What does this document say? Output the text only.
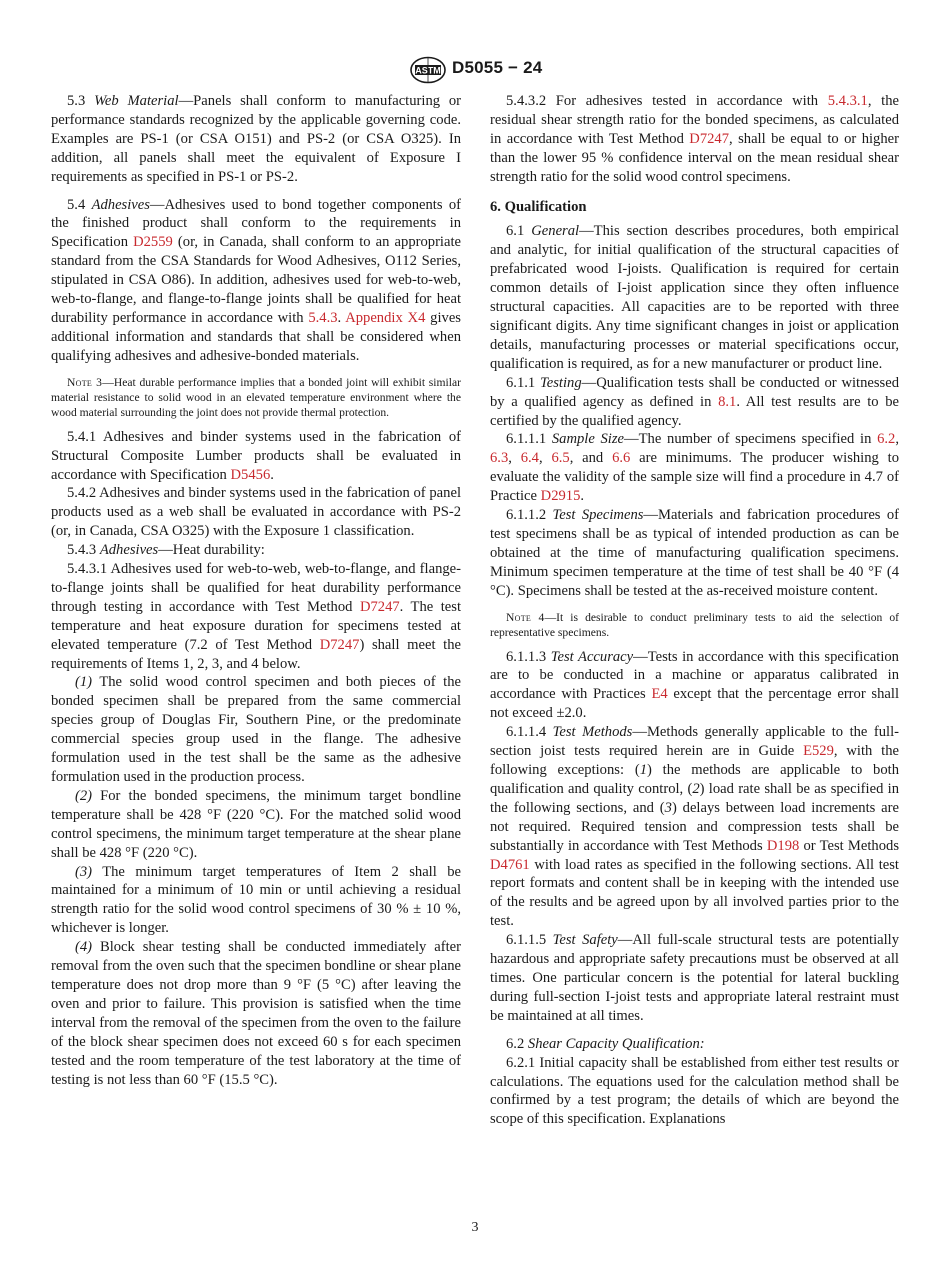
ASTM D5055 − 24

5.3 Web Material—Panels shall conform to manufacturing or performance standards recognized by the applicable governing code. Examples are PS-1 (or CSA O151) and PS-2 (or CSA O325). In addition, all panels shall meet the equivalent of Exposure I requirements as specified in PS-1 or PS-2.

5.4 Adhesives—Adhesives used to bond together components of the finished product shall conform to the requirements in Specification D2559 (or, in Canada, shall conform to an appropriate standard from the CSA Standards for Wood Adhesives, O112 Series, stipulated in CSA O86). In addition, adhesives used for web-to-web, web-to-flange, and flange-to-flange joints shall be qualified for heat durability performance in accordance with 5.4.3. Appendix X4 gives additional information and standards that shall be considered when qualifying adhesives and adhesive-bonded materials.

Note 3—Heat durable performance implies that a bonded joint will exhibit similar material resistance to solid wood in an elevated temperature environment where the wood material surrounding the joint does not provide thermal protection.

5.4.1 Adhesives and binder systems used in the fabrication of Structural Composite Lumber products shall be evaluated in accordance with Specification D5456.

5.4.2 Adhesives and binder systems used in the fabrication of panel products used as a web shall be evaluated in accordance with PS-2 (or, in Canada, CSA O325) with the Exposure 1 classification.

5.4.3 Adhesives—Heat durability:

5.4.3.1 Adhesives used for web-to-web, web-to-flange, and flange-to-flange joints shall be qualified for heat durability performance through testing in accordance with Test Method D7247. The test temperature and heat exposure duration for specimens tested at elevated temperature (7.2 of Test Method D7247) shall meet the requirements of Items 1, 2, 3, and 4 below.

(1) The solid wood control specimen and both pieces of the bonded specimen shall be prepared from the same commercial species group of Douglas Fir, Southern Pine, or the predominate commercial species group used in the flange. The adhesive formulation used in the test shall be the same as the adhesive formulation used in the production process.

(2) For the bonded specimens, the minimum target bondline temperature shall be 428 °F (220 °C). For the matched solid wood control specimens, the minimum target temperature at the shear plane shall be 428 °F (220 °C).

(3) The minimum target temperatures of Item 2 shall be maintained for a minimum of 10 min or until achieving a residual strength ratio for the solid wood control specimens of 30 % ± 10 %, whichever is longer.

(4) Block shear testing shall be conducted immediately after removal from the oven such that the specimen bondline or shear plane temperature does not drop more than 9 °F (5 °C) after leaving the oven and prior to failure. This provision is satisfied when the time interval from the removal of the specimen from the oven to the failure of the block shear specimen does not exceed 60 s for each specimen tested and the room temperature of the test laboratory at the time of testing is not less than 60 °F (15.5 °C).

5.4.3.2 For adhesives tested in accordance with 5.4.3.1, the residual shear strength ratio for the bonded specimens, as calculated in accordance with Test Method D7247, shall be equal to or higher than the lower 95 % confidence interval on the mean residual shear strength ratio for the solid wood control specimens.

6. Qualification

6.1 General—This section describes procedures, both empirical and analytic, for initial qualification of the structural capacities of prefabricated wood I-joists. Qualification is required for certain common details of I-joist application since they often influence structural capacities. All capacities are to be reported with three significant digits. Any time significant changes in joist or application details, manufacturing processes or material specifications occur, qualification is required, as for a new manufacturer or product line.

6.1.1 Testing—Qualification tests shall be conducted or witnessed by a qualified agency as defined in 8.1. All test results are to be certified by the qualified agency.

6.1.1.1 Sample Size—The number of specimens specified in 6.2, 6.3, 6.4, 6.5, and 6.6 are minimums. The producer wishing to evaluate the validity of the sample size will find a procedure in 4.7 of Practice D2915.

6.1.1.2 Test Specimens—Materials and fabrication procedures of test specimens shall be as typical of intended production as can be obtained at the time of manufacturing qualification specimens. Minimum specimen temperature at the time of test shall be 40 °F (4 °C). Specimens shall be tested at the as-received moisture content.

Note 4—It is desirable to conduct preliminary tests to aid the selection of representative specimens.

6.1.1.3 Test Accuracy—Tests in accordance with this specification are to be conducted in a machine or apparatus calibrated in accordance with Practices E4 except that the percentage error shall not exceed ±2.0.

6.1.1.4 Test Methods—Methods generally applicable to the full-section joist tests required herein are in Guide E529, with the following exceptions: (1) the methods are applicable to both qualification and quality control, (2) load rate shall be as specified in the following sections, and (3) delays between load increments are not required. Required tension and compression tests shall be substantially in accordance with Test Methods D198 or Test Methods D4761 with load rates as specified in the following sections. All test report formats and content shall be in keeping with the intended use of the results and be agreed upon by all involved parties prior to the test.

6.1.1.5 Test Safety—All full-scale structural tests are potentially hazardous and appropriate safety precautions must be observed at all times. One particular concern is the potential for lateral buckling during full-section I-joist tests and appropriate lateral restraint must be maintained at all times.

6.2 Shear Capacity Qualification:

6.2.1 Initial capacity shall be established from either test results or calculations. The equations used for the calculation method shall be confirmed by a test program; the details of which are beyond the scope of this specification. Explanations

3
